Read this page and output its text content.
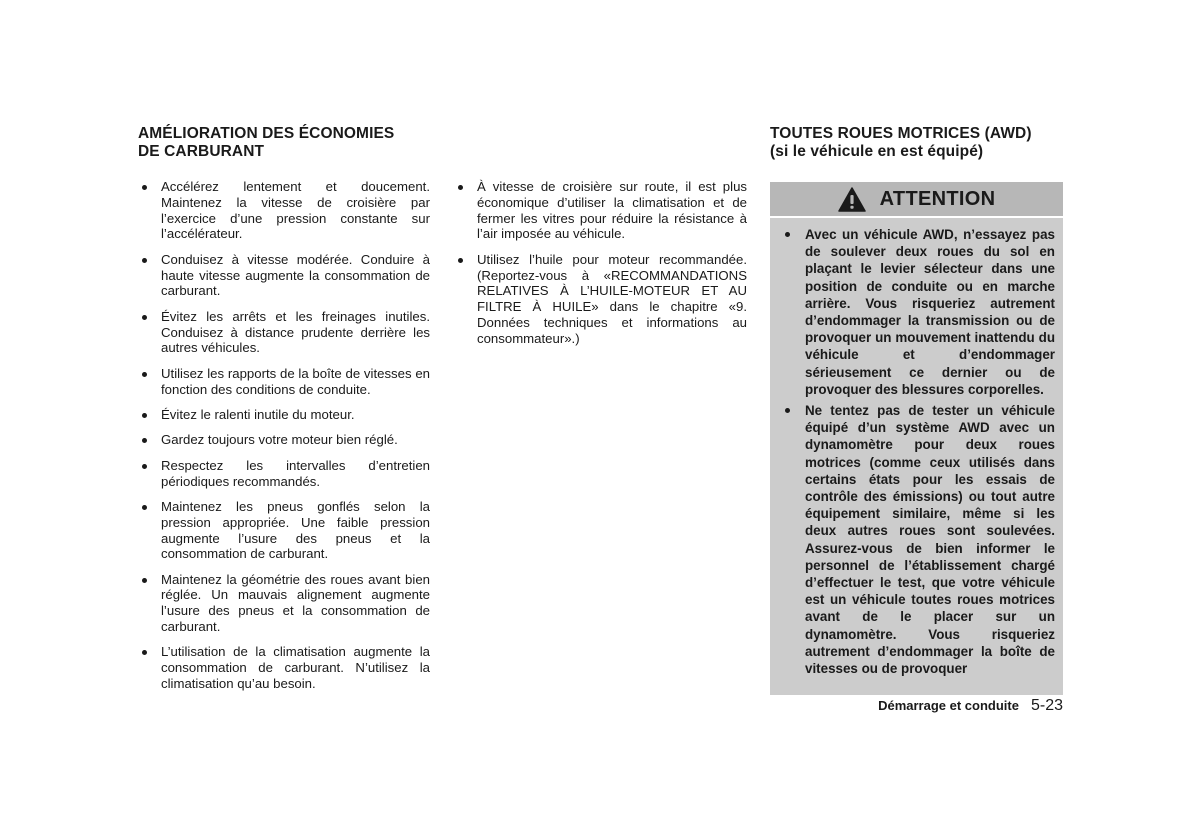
AMÉLIORATION DES ÉCONOMIES
DE CARBURANT
Accélérez lentement et doucement. Maintenez la vitesse de croisière par l’exercice d’une pression constante sur l’accélérateur.
Conduisez à vitesse modérée. Conduire à haute vitesse augmente la consommation de carburant.
Évitez les arrêts et les freinages inutiles. Conduisez à distance prudente derrière les autres véhicules.
Utilisez les rapports de la boîte de vitesses en fonction des conditions de conduite.
Évitez le ralenti inutile du moteur.
Gardez toujours votre moteur bien réglé.
Respectez les intervalles d’entretien périodiques recommandés.
Maintenez les pneus gonflés selon la pression appropriée. Une faible pression augmente l’usure des pneus et la consommation de carburant.
Maintenez la géométrie des roues avant bien réglée. Un mauvais alignement augmente l’usure des pneus et la consommation de carburant.
L’utilisation de la climatisation augmente la consommation de carburant. N’utilisez la climatisation qu’au besoin.
À vitesse de croisière sur route, il est plus économique d’utiliser la climatisation et de fermer les vitres pour réduire la résistance à l’air imposée au véhicule.
Utilisez l’huile pour moteur recommandée. (Reportez-vous à «RECOMMANDATIONS RELATIVES À L’HUILE-MOTEUR ET AU FILTRE À HUILE» dans le chapitre «9. Données techniques et informations au consommateur».)
TOUTES ROUES MOTRICES (AWD)
(si le véhicule en est équipé)
ATTENTION
Avec un véhicule AWD, n’essayez pas de soulever deux roues du sol en plaçant le levier sélecteur dans une position de conduite ou en marche arrière. Vous risqueriez autrement d’endommager la transmission ou de provoquer un mouvement inattendu du véhicule et d’endommager sérieusement ce dernier ou de provoquer des blessures corporelles.
Ne tentez pas de tester un véhicule équipé d’un système AWD avec un dynamomètre pour deux roues motrices (comme ceux utilisés dans certains états pour les essais de contrôle des émissions) ou tout autre équipement similaire, même si les deux autres roues sont soulevées. Assurez-vous de bien informer le personnel de l’établissement chargé d’effectuer le test, que votre véhicule est un véhicule toutes roues motrices avant de le placer sur un dynamomètre. Vous risqueriez autrement d’endommager la boîte de vitesses ou de provoquer
Démarrage et conduite 5-23
